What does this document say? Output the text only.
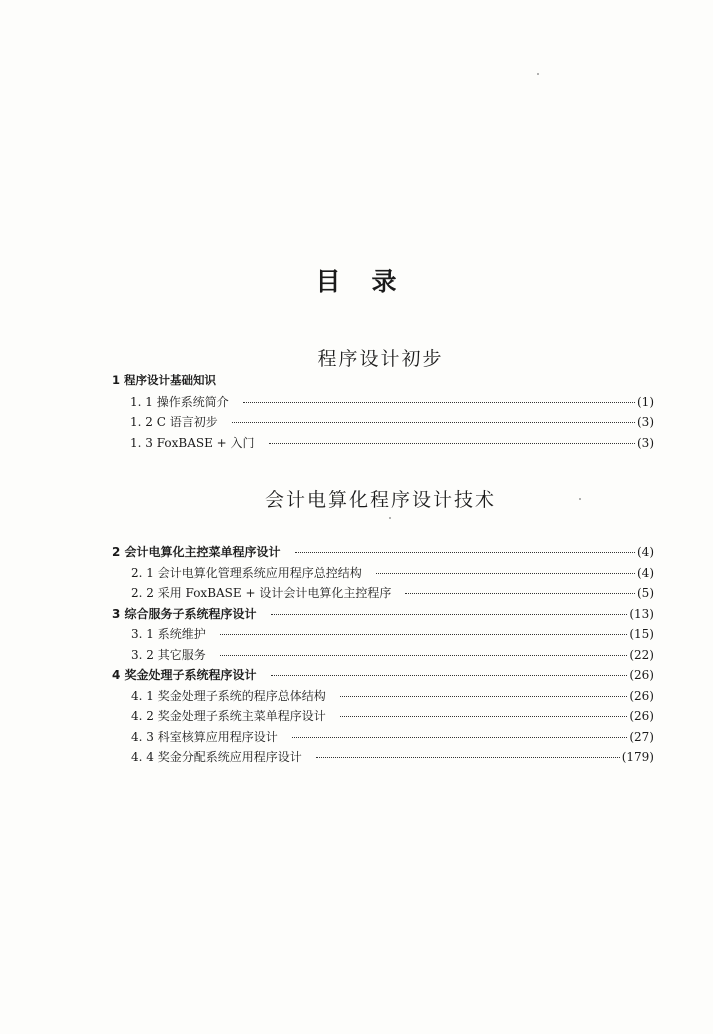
目 录
程序设计初步
1 程序设计基础知识
1. 1 操作系统简介	(1)
1. 2 C 语言初步	(3)
1. 3 FoxBASE + 入门	(3)
会计电算化程序设计技术
2 会计电算化主控菜单程序设计	(4)
2. 1 会计电算化管理系统应用程序总控结构	(4)
2. 2 采用 FoxBASE + 设计会计电算化主控程序	(5)
3 综合服务子系统程序设计	(13)
3. 1 系统维护	(15)
3. 2 其它服务	(22)
4 奖金处理子系统程序设计	(26)
4. 1 奖金处理子系统的程序总体结构	(26)
4. 2 奖金处理子系统主菜单程序设计	(26)
4. 3 科室核算应用程序设计	(27)
4. 4 奖金分配系统应用程序设计	(179)
